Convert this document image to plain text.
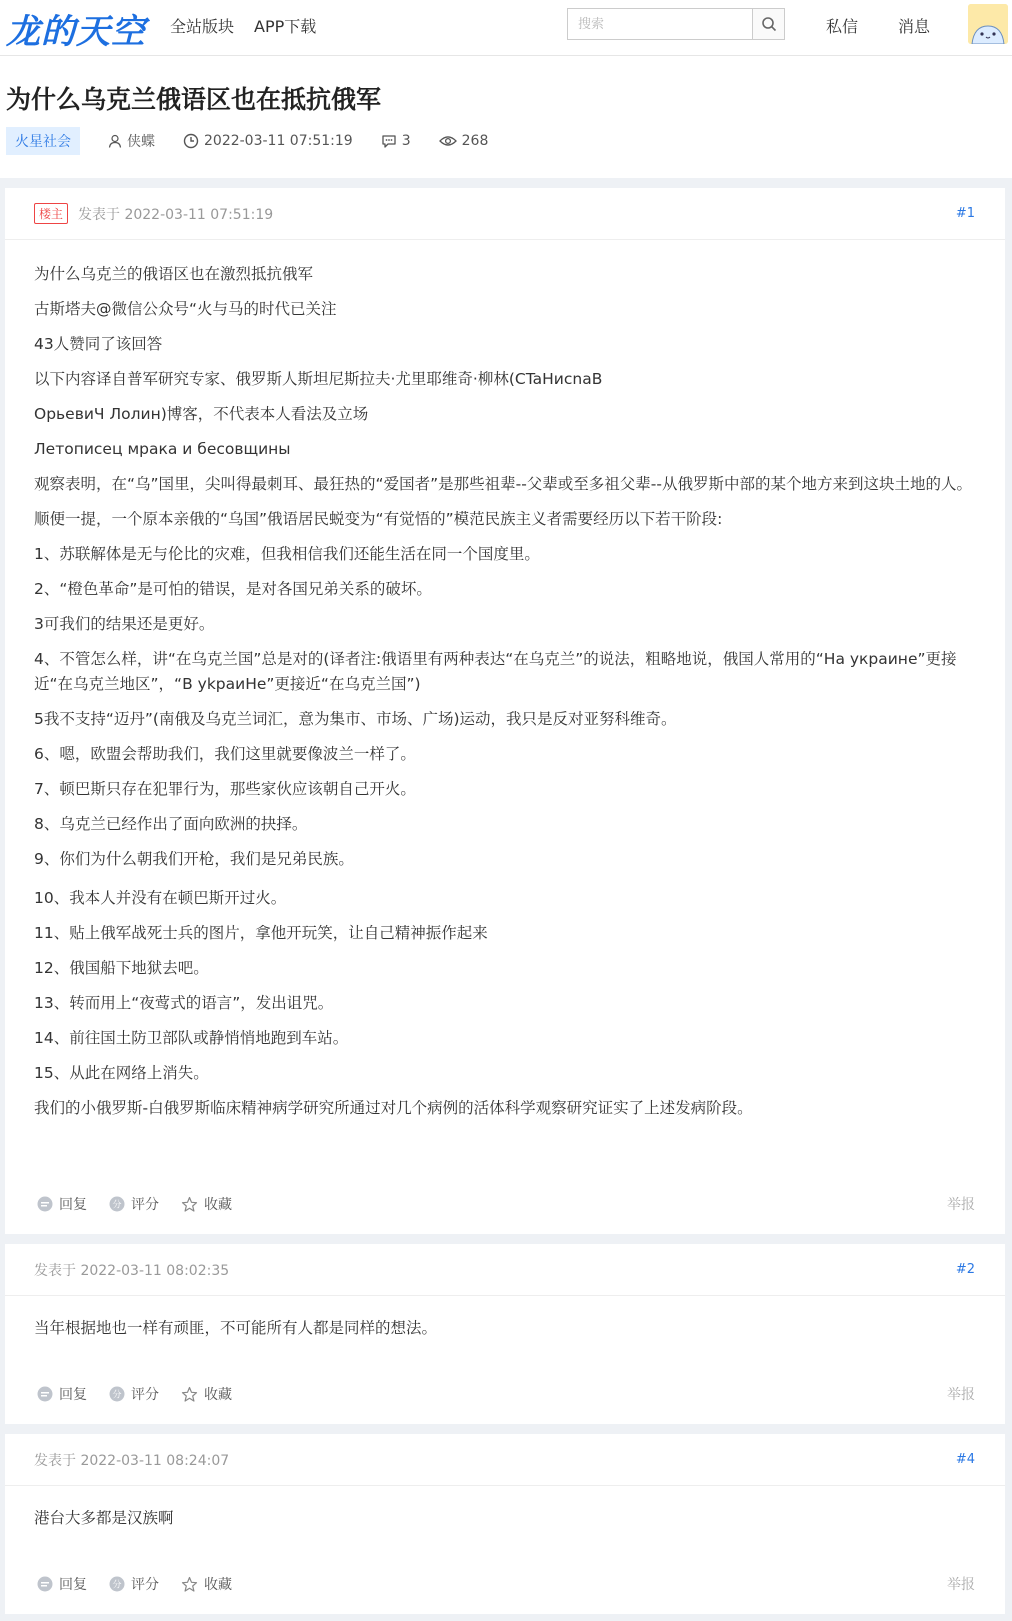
龙的天空 全站版块 APP下载
搜索	私信 消息
为什么乌克兰俄语区也在抵抗俄军
火星社会	侠蝶	2022-03-11 07:51:19	3	268
楼主	发表于 2022-03-11 07:51:19	#1

为什么乌克兰的俄语区也在激烈抵抗俄军

古斯塔夫@微信公众号“火与马的时代已关注

43人赞同了该回答

以下内容译自普军研究专家、俄罗斯人斯坦尼斯拉夫·尤里耶维奇·柳林(CTaНиcnaB

OpьeвиЧ Лолин)博客，不代表本人看法及立场

Летописец мрака и бесовщины

观察表明，在“乌”国里，尖叫得最刺耳、最狂热的“爱国者”是那些祖辈--父辈或至多祖父辈--从俄罗斯中部的某个地方来到这块土地的人。

顺便一提，一个原本亲俄的“乌国”俄语居民蜕变为“有觉悟的”模范民族主义者需要经历以下若干阶段:

1、苏联解体是无与伦比的灾难，但我相信我们还能生活在同一个国度里。

2、“橙色革命”是可怕的错误，是对各国兄弟关系的破坏。

3可我们的结果还是更好。

4、不管怎么样，讲“在乌克兰国”总是对的(译者注:俄语里有两种表达“在乌克兰”的说法，粗略地说，俄国人常用的“На украине”更接近“在乌克兰地区”，“B ykpaиHe”更接近“在乌克兰国”)

5我不支持“迈丹”(南俄及乌克兰词汇，意为集市、市场、广场)运动，我只是反对亚努科维奇。

6、嗯，欧盟会帮助我们，我们这里就要像波兰一样了。

7、顿巴斯只存在犯罪行为，那些家伙应该朝自己开火。

8、乌克兰已经作出了面向欧洲的抉择。

9、你们为什么朝我们开枪，我们是兄弟民族。

10、我本人并没有在顿巴斯开过火。

11、贴上俄军战死士兵的图片，拿他开玩笑，让自己精神振作起来

12、俄国船下地狱去吧。

13、转而用上“夜莺式的语言”，发出诅咒。

14、前往国土防卫部队或静悄悄地跑到车站。

15、从此在网络上消失。

我们的小俄罗斯-白俄罗斯临床精神病学研究所通过对几个病例的活体科学观察研究证实了上述发病阶段。

回复	分 评分	收藏	举报
发表于 2022-03-11 08:02:35	#2

当年根据地也一样有顽匪，不可能所有人都是同样的想法。

回复	分 评分	收藏	举报
发表于 2022-03-11 08:24:07	#4

港台大多都是汉族啊

回复	分 评分	收藏	举报
